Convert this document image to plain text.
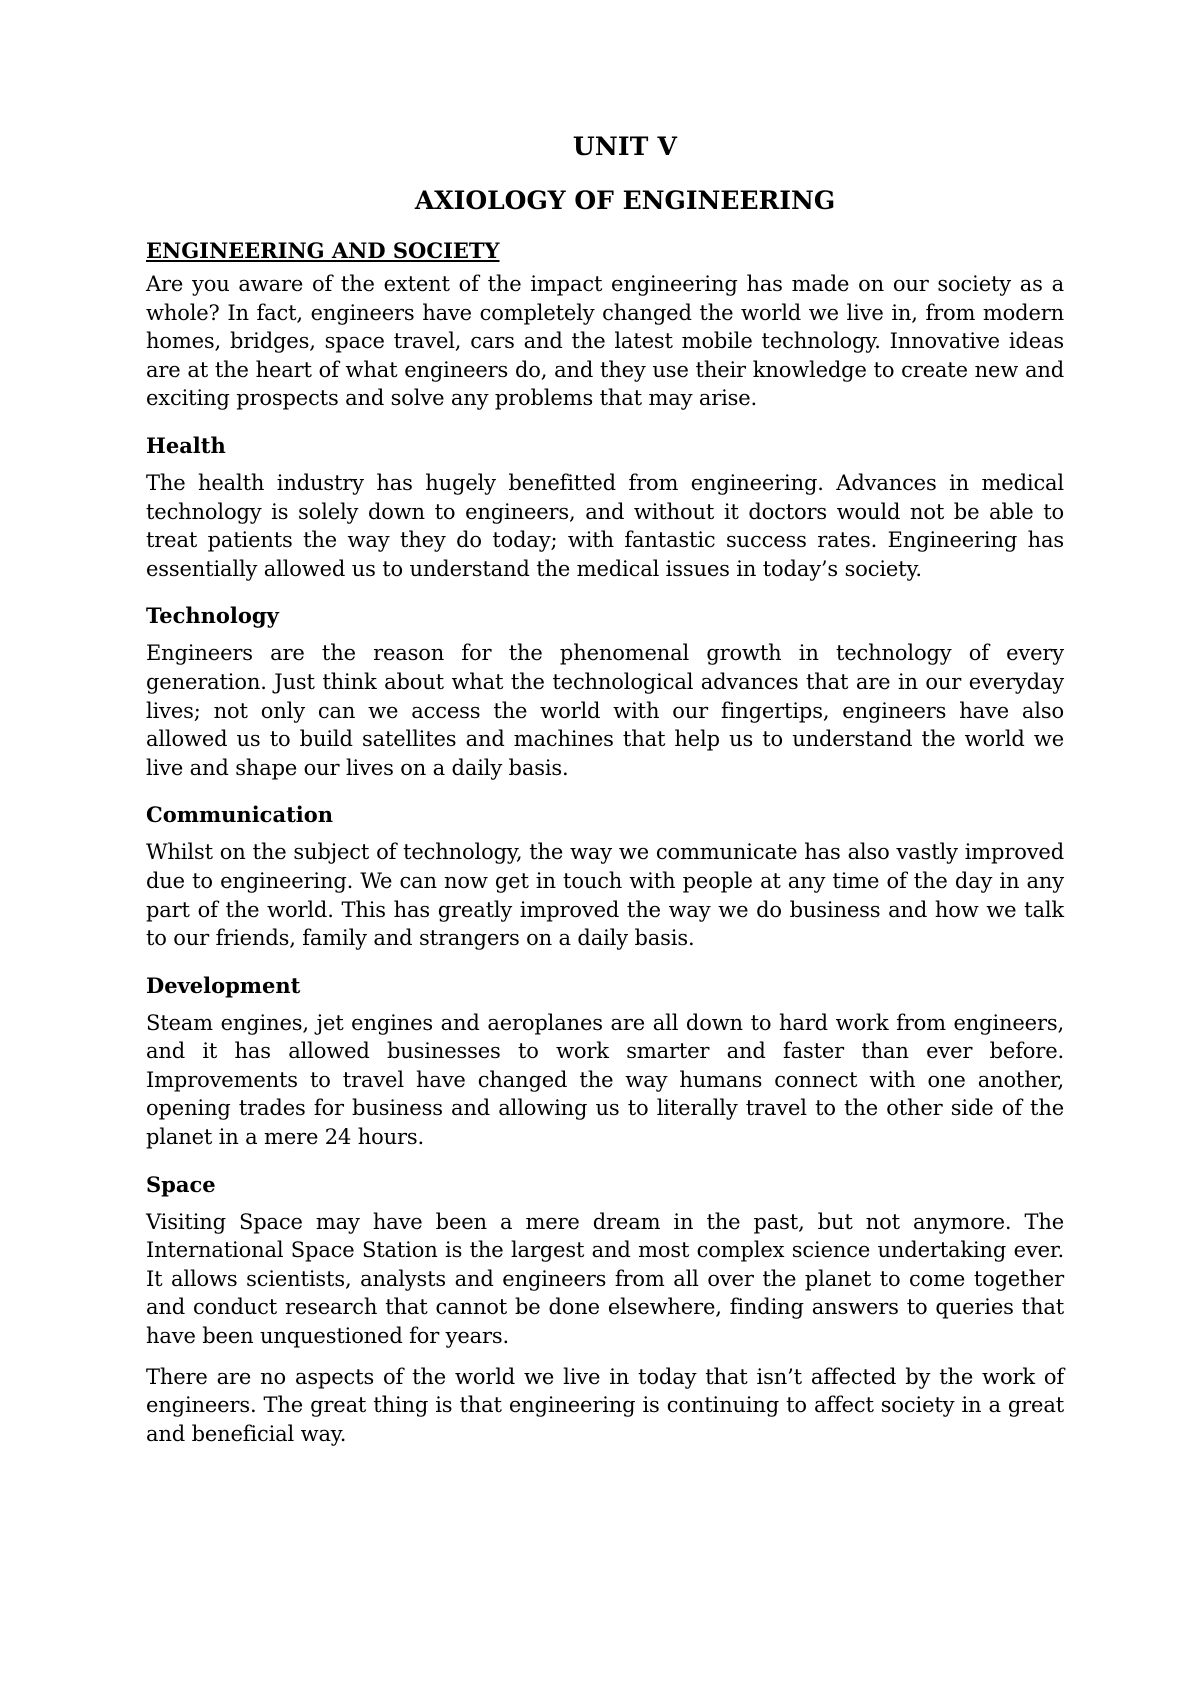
UNIT V
AXIOLOGY OF ENGINEERING
ENGINEERING AND SOCIETY

Are you aware of the extent of the impact engineering has made on our society as a whole? In fact, engineers have completely changed the world we live in, from modern homes, bridges, space travel, cars and the latest mobile technology. Innovative ideas are at the heart of what engineers do, and they use their knowledge to create new and exciting prospects and solve any problems that may arise.

Health

The health industry has hugely benefitted from engineering. Advances in medical technology is solely down to engineers, and without it doctors would not be able to treat patients the way they do today; with fantastic success rates. Engineering has essentially allowed us to understand the medical issues in today’s society.

Technology

Engineers are the reason for the phenomenal growth in technology of every generation. Just think about what the technological advances that are in our everyday lives; not only can we access the world with our fingertips, engineers have also allowed us to build satellites and machines that help us to understand the world we live and shape our lives on a daily basis.

Communication

Whilst on the subject of technology, the way we communicate has also vastly improved due to engineering. We can now get in touch with people at any time of the day in any part of the world. This has greatly improved the way we do business and how we talk to our friends, family and strangers on a daily basis.

Development

Steam engines, jet engines and aeroplanes are all down to hard work from engineers, and it has allowed businesses to work smarter and faster than ever before. Improvements to travel have changed the way humans connect with one another, opening trades for business and allowing us to literally travel to the other side of the planet in a mere 24 hours.

Space

Visiting Space may have been a mere dream in the past, but not anymore. The International Space Station is the largest and most complex science undertaking ever. It allows scientists, analysts and engineers from all over the planet to come together and conduct research that cannot be done elsewhere, finding answers to queries that have been unquestioned for years.

There are no aspects of the world we live in today that isn’t affected by the work of engineers. The great thing is that engineering is continuing to affect society in a great and beneficial way.
